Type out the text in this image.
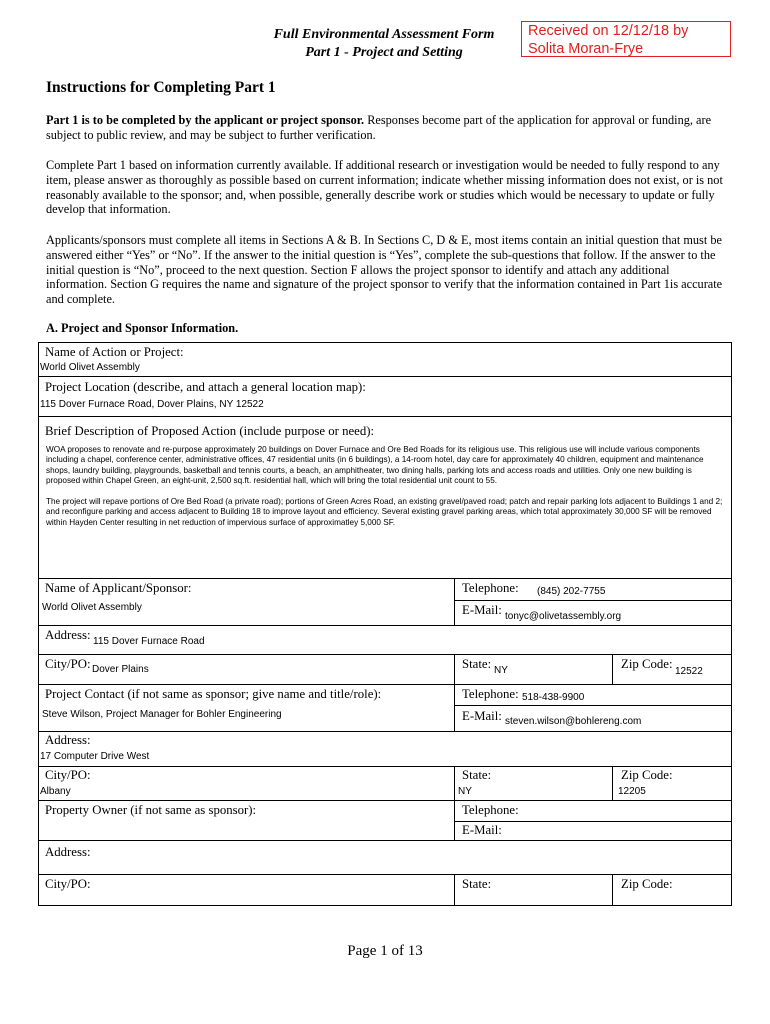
Full Environmental Assessment Form
Part 1 - Project and Setting
Received on 12/12/18 by
Solita Moran-Frye
Instructions for Completing Part 1
Part 1 is to be completed by the applicant or project sponsor. Responses become part of the application for approval or funding, are subject to public review, and may be subject to further verification.
Complete Part 1 based on information currently available. If additional research or investigation would be needed to fully respond to any item, please answer as thoroughly as possible based on current information; indicate whether missing information does not exist, or is not reasonably available to the sponsor; and, when possible, generally describe work or studies which would be necessary to update or fully develop that information.
Applicants/sponsors must complete all items in Sections A & B. In Sections C, D & E, most items contain an initial question that must be answered either “Yes” or “No”. If the answer to the initial question is “Yes”, complete the sub-questions that follow. If the answer to the initial question is “No”, proceed to the next question. Section F allows the project sponsor to identify and attach any additional information. Section G requires the name and signature of the project sponsor to verify that the information contained in Part 1is accurate and complete.
A. Project and Sponsor Information.
Name of Action or Project:
World Olivet Assembly
Project Location (describe, and attach a general location map):
115 Dover Furnace Road, Dover Plains, NY 12522
Brief Description of Proposed Action (include purpose or need):
WOA proposes to renovate and re-purpose approximately 20 buildings on Dover Furnace and Ore Bed Roads for its religious use. This religious use will include various components including a chapel, conference center, administrative offices, 47 residential units (in 6 buildings), a 14-room hotel, day care for approximately 40 children, equipment and maintenance shops, laundry building, playgrounds, basketball and tennis courts, a beach, an amphitheater, two dining halls, parking lots and access roads and utilities. Only one new building is proposed within Chapel Green, an eight-unit, 2,500 sq.ft. residential hall, which will bring the total residential unit count to 55.
The project will repave portions of Ore Bed Road (a private road); portions of Green Acres Road, an existing gravel/paved road; patch and repair parking lots adjacent to Buildings 1 and 2; and reconfigure parking and access adjacent to Building 18 to improve layout and efficiency. Several existing gravel parking areas, which total approximately 30,000 SF will be removed within Hayden Center resulting in net reduction of impervious surface of approximatley 5,000 SF.
Name of Applicant/Sponsor:
World Olivet Assembly
Telephone: (845) 202-7755
E-Mail: tonyc@olivetassembly.org
Address: 115 Dover Furnace Road
City/PO: Dover Plains	State: NY	Zip Code:
12522
Project Contact (if not same as sponsor; give name and title/role):
Steve Wilson, Project Manager for Bohler Engineering
Telephone: 518-438-9900
E-Mail: steven.wilson@bohlereng.com
Address:
17 Computer Drive West
City/PO:
Albany
State:
NY
Zip Code:
12205
Property Owner (if not same as sponsor):	Telephone:
E-Mail:
Address:
City/PO:	State:	Zip Code:
Page 1 of 13
